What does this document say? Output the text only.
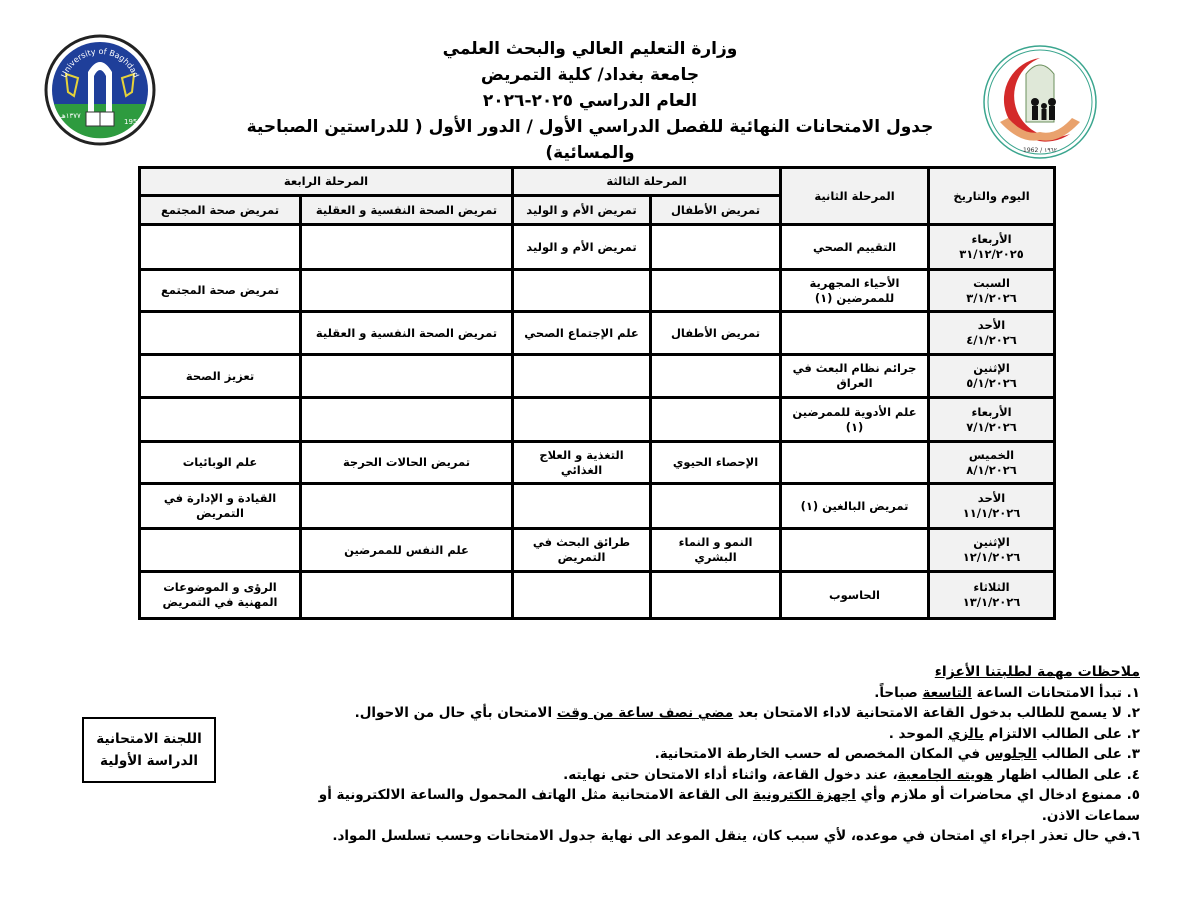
University of Baghdad
1957
١٣٧٧هـ
1962 / ١٩٦٢
وزارة التعليم العالي والبحث العلمي
جامعة بغداد/ كلية التمريض
العام الدراسي ٢٠٢٥-٢٠٢٦
جدول الامتحانات النهائية للفصل الدراسي الأول / الدور الأول ( للدراستين الصباحية والمسائية)
اليوم والتاريخ	المرحلة الثانية	المرحلة الثالثة		المرحلة الرابعة	
		تمريض الأطفال	تمريض الأم و الوليد	تمريض الصحة النفسية و العقلية	تمريض صحة المجتمع

الأربعاء
٣١/١٢/٢٠٢٥	التقييم الصحي		تمريض الأم و الوليد		

السبت
٣/١/٢٠٢٦	الأحياء المجهرية للممرضين (١)				تمريض صحة المجتمع

الأحد
٤/١/٢٠٢٦		تمريض الأطفال	علم الإجتماع الصحي	تمريض الصحة النفسية و العقلية	

الإثنين
٥/١/٢٠٢٦	جرائم نظام البعث في العراق				تعزيز الصحة

الأربعاء
٧/١/٢٠٢٦	علم الأدوية للممرضين (١)				

الخميس
٨/١/٢٠٢٦		الإحصاء الحيوي	التغذية و العلاج الغذائي	تمريض الحالات الحرجة	علم الوبائيات

الأحد
١١/١/٢٠٢٦	تمريض البالغين (١)				القيادة و الإدارة في التمريض

الإثنين
١٢/١/٢٠٢٦		النمو و النماء البشري	طرائق البحث في التمريض	علم النفس للممرضين	

الثلاثاء
١٣/١/٢٠٢٦	الحاسوب				الرؤى و الموضوعات المهنية في التمريض
ملاحظات مهمة لطلبتنا الأعزاء
١. تبدأ الامتحانات الساعة التاسعة صباحاً.
٢. لا يسمح للطالب بدخول القاعة الامتحانية لاداء الامتحان بعد مضي نصف ساعة من وقت الامتحان بأي حال من الاحوال.
٢. على الطالب الالتزام بالزي الموحد .
٣. على الطالب الجلوس في المكان المخصص له حسب الخارطة الامتحانية.
٤. على الطالب اظهار هويته الجامعية، عند دخول القاعة، واثناء أداء الامتحان حتى نهايته.
٥. ممنوع ادخال اي محاضرات أو ملازم وأي اجهزة الكترونية الى القاعة الامتحانية مثل الهاتف المحمول والساعة الالكترونية أو سماعات الاذن.
٦.في حال تعذر اجراء اي امتحان في موعده، لأي سبب كان، ينقل الموعد الى نهاية جدول الامتحانات وحسب تسلسل المواد.
اللجنة الامتحانية
الدراسة الأولية
